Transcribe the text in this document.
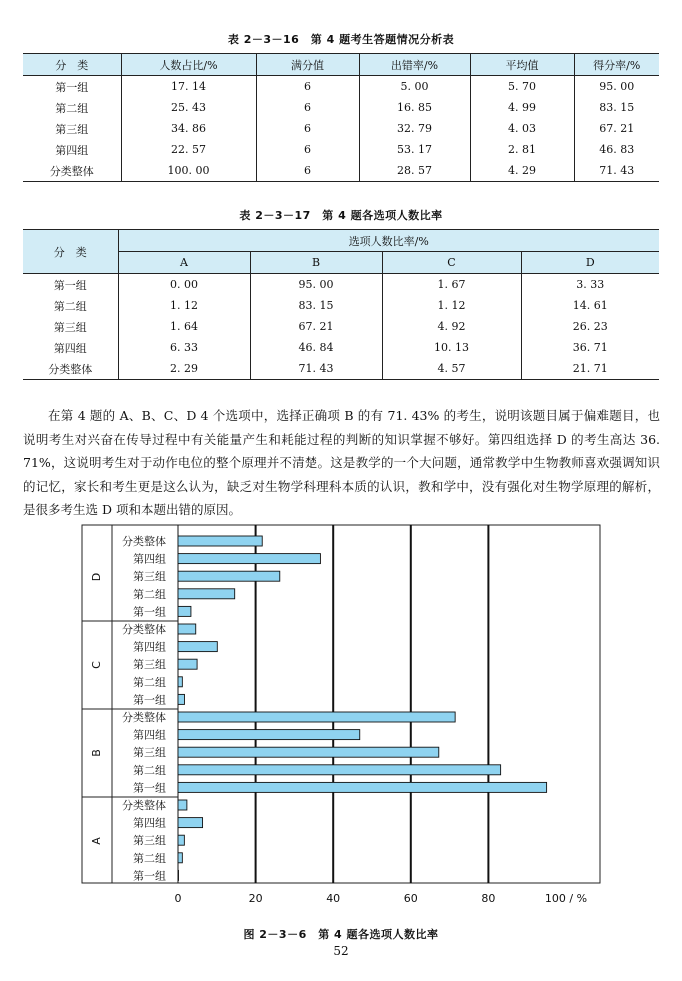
表 2－3－16　第 4 题考生答题情况分析表
分　类	人数占比/%	满分值	出错率/%	平均值	得分率/%
第一组	17. 14	6	5. 00	5. 70	95. 00
第二组	25. 43	6	16. 85	4. 99	83. 15
第三组	34. 86	6	32. 79	4. 03	67. 21
第四组	22. 57	6	53. 17	2. 81	46. 83
分类整体	100. 00	6	28. 57	4. 29	71. 43
表 2－3－17　第 4 题各选项人数比率
分　类	选项人数比率/%			
	A	B	C	D
第一组	0. 00	95. 00	1. 67	3. 33
第二组	1. 12	83. 15	1. 12	14. 61
第三组	1. 64	67. 21	4. 92	26. 23
第四组	6. 33	46. 84	10. 13	36. 71
分类整体	2. 29	71. 43	4. 57	21. 71

在第 4 题的 A、B、C、D 4 个选项中，选择正确项 B 的有 71. 43% 的考生，说明该题目属于偏难题目，也说明考生对兴奋在传导过程中有关能量产生和耗能过程的判断的知识掌握不够好。第四组选择 D 的考生高达 36. 71%，这说明考生对于动作电位的整个原理并不清楚。这是教学的一个大问题，通常教学中生物教师喜欢强调知识的记忆，家长和考生更是这么认为，缺乏对生物学科理科本质的认识，教和学中，没有强化对生物学原理的解析，是很多考生选 D 项和本题出错的原因。

0	20	40	60	80	100 / %
D
分类整体
第四组
第三组
第二组
第一组
C
分类整体
第四组
第三组
第二组
第一组
B
分类整体
第四组
第三组
第二组
第一组
A
分类整体
第四组
第三组
第二组
第一组
图 2－3－6　第 4 题各选项人数比率
52
